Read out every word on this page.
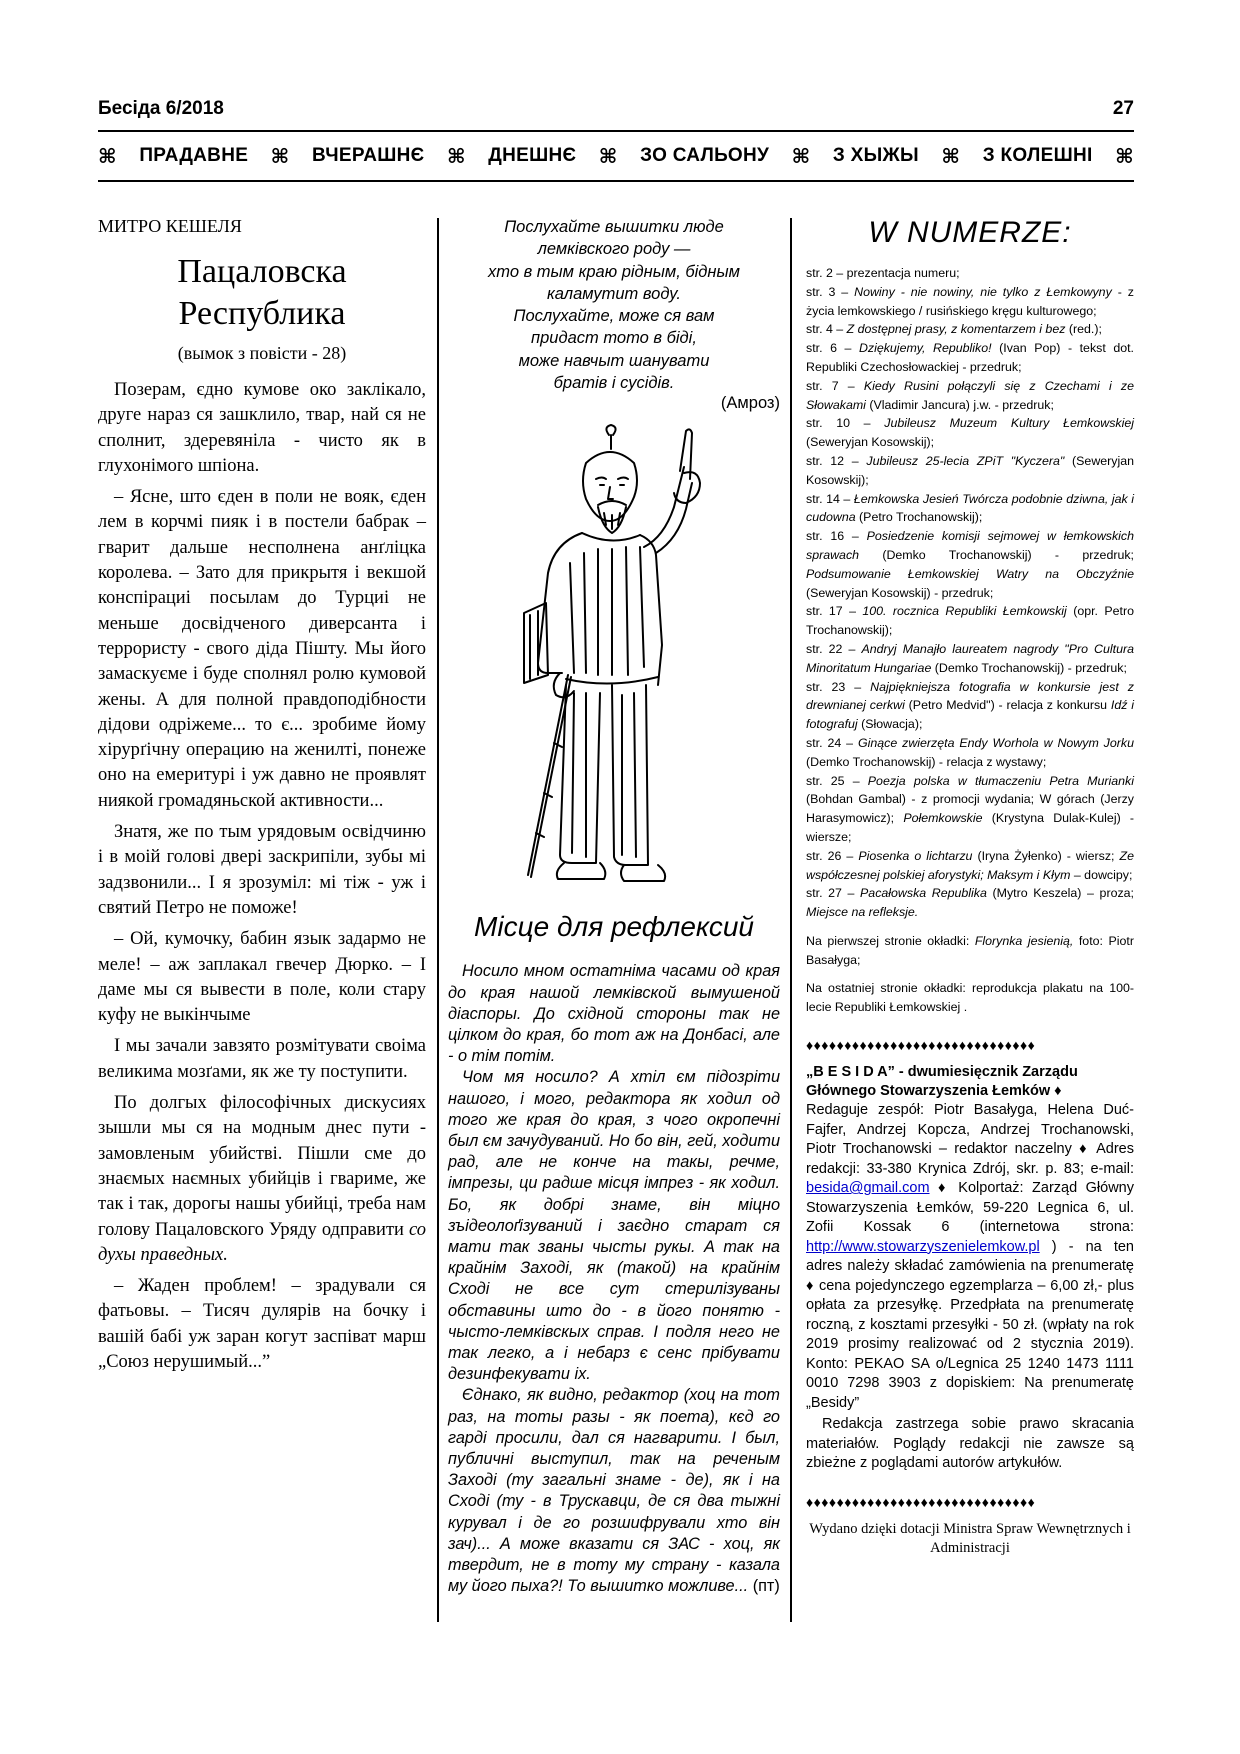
Бесіда 6/2018	27
⌘ ПРАДАВНЕ ⌘ ВЧЕРАШНЄ ⌘ ДНЕШНЄ ⌘ ЗО САЛЬОНУ ⌘ З ХЫЖЫ ⌘ З КОЛЕШНІ ⌘
МИТРО КЕШЕЛЯ
Пацаловска
Республика
(вымок з повісти - 28)

Позерам, єдно кумове око заклікало, друге нараз ся зашклило, твар, най ся не сполнит, здеревяніла - чисто як в глухонімого шпіона.

– Ясне, што єден в поли не вояк, єден лем в корчмі пияк і в постели бабрак – гварит дальше несполнена анґліцка королева. – Зато для прикрытя і векшой конспірациі посылам до Турциі не меньше досвідченого диверсанта і террористу - свого діда Пішту. Мы його замаскуєме і буде сполнял ролю кумовой жены. А для полной правдоподібности дідови одріжеме... то є... зробиме йому хірурґічну операцию на женилті, понеже оно на емеритурі і уж давно не проявлят ниякой громадяньской активности...

Знатя, же по тым урядовым освідчиню і в моій голові двері заскрипіли, зубы мі задзвонили... І я зрозуміл: мі тіж - уж і святий Петро не поможе!

– Ой, кумочку, бабин язык задармо не меле! – аж заплакал гвечер Дюрко. – І даме мы ся вывести в поле, коли стару куфу не выкінчыме

І мы зачали завзято розмітувати своіма великима мозґами, як же ту поступити.

По долгых філософічных дискусиях зышли мы ся на модным днес пути - замовленым убийстві. Пішли сме до знаємых наємных убийців і гвариме, же так і так, дорогы нашы убийці, треба нам голову Пацаловского Уряду одправити со духы праведных.

– Жаден проблем! – зрадували ся фатьовы. – Тисяч дулярів на бочку і вашій бабі уж заран когут заспіват марш „Союз нерушимый...”

Послухайте вышитки люде
лемківского роду —
хто в тым краю рідным, бідным
каламутит воду.
Послухайте, може ся вам
придаст тото в біді,
може навчыт шанувати
братів і сусідів.
(Амроз)
Місце для рефлексий

Носило мном остатніма часами од края до края нашой лемківской вымушеной діаспоры. До східной стороны так не цілком до края, бо тот аж на Донбасі, але - о тім потім.

Чом мя носило? А хтіл єм підозріти нашого, і мого, редактора як ходил од того же края до края, з чого окропечні был єм зачудуваний. Но бо він, гей, ходити рад, але не конче на такы, речме, імпрезы, ци радше місця імпрез - як ходил. Бо, як добрі знаме, він міцно зъідеолоґізуваний і заєдно старат ся мати так званы чысты рукы. А так на крайнім Заході, як (такой) на крайнім Сході не все сут стерилізуваны обставины што до - в його понятю - чысто-лемківскых справ. І подля него не так легко, а і небарз є сенс прібувати дезинфекувати іх.

Єднако, як видно, редактор (хоц на тот раз, на тоты разы - як поета), кєд го гарді просили, дал ся нагварити. І был, публичні выступил, так на реченым Заході (ту загальні знаме - де), як і на Сході (ту - в Трускавци, де ся два тыжні курувал і де го розшифрували хто він зач)... А може вказати ся ЗАС - хоц, як твердит, не в тоту му страну - казала му його пыха?! То вышитко можливе... (пт)

W NUMERZE:
str. 2 – prezentacja numeru;
str. 3 – Nowiny - nie nowiny, nie tylko z Łemkowyny - z życia lemkowskiego / rusińskiego kręgu kulturowego;
str. 4 – Z dostępnej prasy, z komentarzem i bez (red.);
str. 6 – Dziękujemy, Republiko! (Ivan Pop) - tekst dot. Republiki Czechosłowackiej - przedruk;
str. 7 – Kiedy Rusini połączyli się z Czechami i ze Słowakami (Vladimir Jancura) j.w. - przedruk;
str. 10 – Jubileusz Muzeum Kultury Łemkowskiej (Seweryjan Kosowskij);
str. 12 – Jubileusz 25-lecia ZPiT "Kyczera" (Seweryjan Kosowskij);
str. 14 – Łemkowska Jesień Twórcza podobnie dziwna, jak i cudowna (Petro Trochanowskij);
str. 16 – Posiedzenie komisji sejmowej w łemkowskich sprawach (Demko Trochanowskij) - przedruk; Podsumowanie Łemkowskiej Watry na Obczyźnie (Seweryjan Kosowskij) - przedruk;
str. 17 – 100. rocznica Republiki Łemkowskij (opr. Petro Trochanowskij);
str. 22 – Andryj Manajło laureatem nagrody "Pro Cultura Minoritatum Hungariae (Demko Trochanowskij) - przedruk;
str. 23 – Najpiękniejsza fotografia w konkursie jest z drewnianej cerkwi (Petro Medvid") - relacja z konkursu Idź i fotografuj (Słowacja);
str. 24 – Ginące zwierzęta Endy Worhola w Nowym Jorku (Demko Trochanowskij) - relacja z wystawy;
str. 25 – Poezja polska w tłumaczeniu Petra Murianki (Bohdan Gambal) - z promocji wydania; W górach (Jerzy Harasymowicz); Połemkowskie (Krystyna Dulak-Kulej) - wiersze;
str. 26 – Piosenka o lichtarzu (Iryna Żyłenko) - wiersz; Ze współczesnej polskiej aforystyki; Maksym i Kłym – dowcipy;
str. 27 – Pacałowska Republika (Mytro Keszela) – proza; Miejsce na refleksje.
Na pierwszej stronie okładki: Florynka jesienią, foto: Piotr Basałyga;
Na ostatniej stronie okładki: reprodukcja plakatu na 100-lecie Republiki Łemkowskiej .
♦♦♦♦♦♦♦♦♦♦♦♦♦♦♦♦♦♦♦♦♦♦♦♦♦♦♦♦♦♦
„B E S I D A” - dwumiesięcznik Zarządu Głównego Stowarzyszenia Łemków ♦
Redaguje zespół: Piotr Basałyga, Helena Duć-Fajfer, Andrzej Kopcza, Andrzej Trochanowski, Piotr Trochanowski – redaktor naczelny ♦ Adres redakcji: 33-380 Krynica Zdrój, skr. p. 83; e-mail: besida@gmail.com ♦ Kolportaż: Zarząd Główny Stowarzyszenia Łemków, 59-220 Legnica 6, ul. Zofii Kossak 6 (internetowa strona: http://www.stowarzyszenielemkow.pl ) - na ten adres należy składać zamówienia na prenumeratę ♦ cena pojedynczego egzemplarza – 6,00 zł,- plus opłata za przesyłkę. Przedpłata na prenumeratę roczną, z kosztami przesyłki - 50 zł. (wpłaty na rok 2019 prosimy realizować od 2 stycznia 2019). Konto: PEKAO SA o/Legnica 25 1240 1473 1111 0010 7298 3903 z dopiskiem: Na prenumeratę „Besidy”
Redakcja zastrzega sobie prawo skracania materiałów. Poglądy redakcji nie zawsze są zbieżne z poglądami autorów artykułów.
♦♦♦♦♦♦♦♦♦♦♦♦♦♦♦♦♦♦♦♦♦♦♦♦♦♦♦♦♦♦
Wydano dzięki dotacji Ministra Spraw Wewnętrznych i Administracji
